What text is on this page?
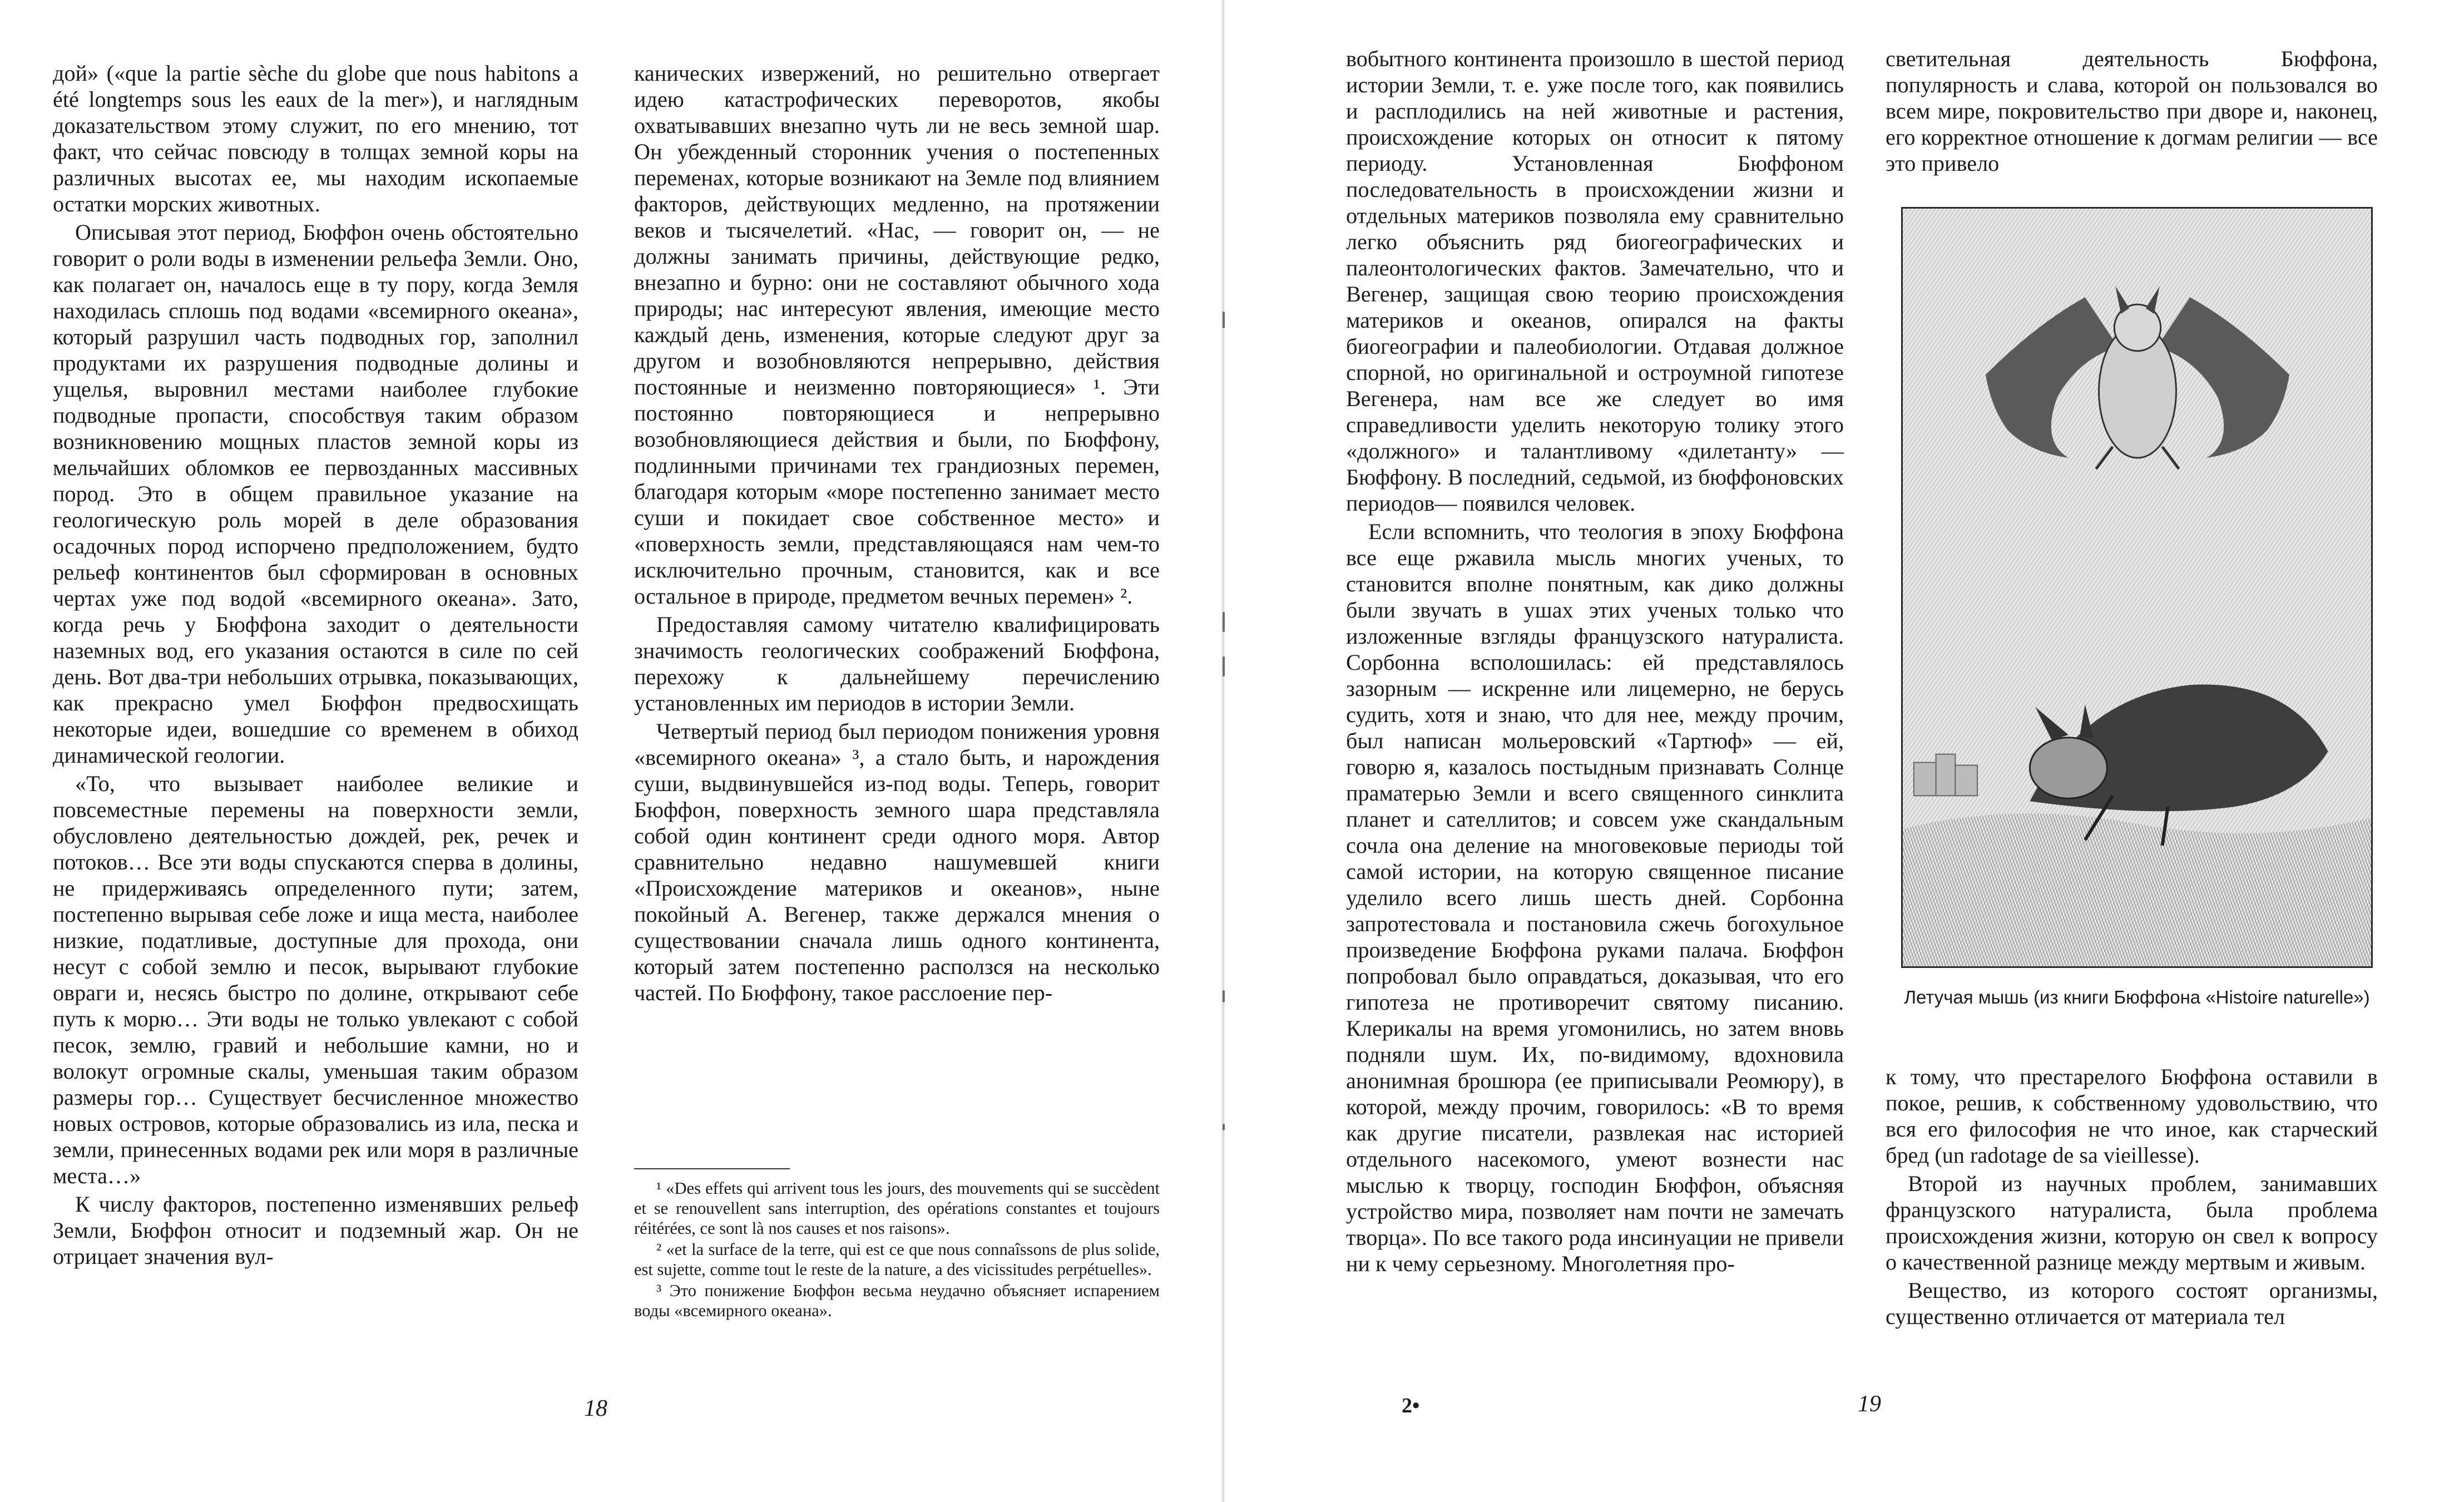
дой» («que la partie sèche du globe que nous habitons a été longtemps sous les eaux de la mer»), и наглядным доказательством этому служит, по его мнению, тот факт, что сейчас повсюду в толщах земной коры на различных высотах ее, мы находим ископаемые остатки морских животных.

Описывая этот период, Бюффон очень обстоятельно говорит о роли воды в изменении рельефа Земли. Оно, как полагает он, началось еще в ту пору, когда Земля находилась сплошь под водами «всемирного океана», который разрушил часть подводных гор, заполнил продуктами их разрушения подводные долины и ущелья, выровнил местами наиболее глубокие подводные пропасти, способствуя таким образом возникновению мощных пластов земной коры из мельчайших обломков ее первозданных массивных пород. Это в общем правильное указание на геологическую роль морей в деле образования осадочных пород испорчено предположением, будто рельеф континентов был сформирован в основных чертах уже под водой «всемирного океана». Зато, когда речь у Бюффона заходит о деятельности наземных вод, его указания остаются в силе по сей день. Вот два-три небольших отрывка, показывающих, как прекрасно умел Бюффон предвосхищать некоторые идеи, вошедшие со временем в обиход динамической геологии.

«То, что вызывает наиболее великие и повсеместные перемены на поверхности земли, обусловлено деятельностью дождей, рек, речек и потоков… Все эти воды спускаются сперва в долины, не придерживаясь определенного пути; затем, постепенно вырывая себе ложе и ища места, наиболее низкие, податливые, доступные для прохода, они несут с собой землю и песок, вырывают глубокие овраги и, несясь быстро по долине, открывают себе путь к морю… Эти воды не только увлекают с собой песок, землю, гравий и небольшие камни, но и волокут огромные скалы, уменьшая таким образом размеры гор… Существует бесчисленное множество новых островов, которые образовались из ила, песка и земли, принесенных водами рек или моря в различные места…»

К числу факторов, постепенно изменявших рельеф Земли, Бюффон относит и подземный жар. Он не отрицает значения вул-

канических извержений, но решительно отвергает идею катастрофических переворотов, якобы охватывавших внезапно чуть ли не весь земной шар. Он убежденный сторонник учения о постепенных переменах, которые возникают на Земле под влиянием факторов, действующих медленно, на протяжении веков и тысячелетий. «Нас, — говорит он, — не должны занимать причины, действующие редко, внезапно и бурно: они не составляют обычного хода природы; нас интересуют явления, имеющие место каждый день, изменения, которые следуют друг за другом и возобновляются непрерывно, действия постоянные и неизменно повторяющиеся» ¹. Эти постоянно повторяющиеся и непрерывно возобновляющиеся действия и были, по Бюффону, подлинными причинами тех грандиозных перемен, благодаря которым «море постепенно занимает место суши и покидает свое собственное место» и «поверхность земли, представляющаяся нам чем-то исключительно прочным, становится, как и все остальное в природе, предметом вечных перемен» ².

Предоставляя самому читателю квалифицировать значимость геологических соображений Бюффона, перехожу к дальнейшему перечислению установленных им периодов в истории Земли.

Четвертый период был периодом понижения уровня «всемирного океана» ³, а стало быть, и нарождения суши, выдвинувшейся из-под воды. Теперь, говорит Бюффон, поверхность земного шара представляла собой один континент среди одного моря. Автор сравнительно недавно нашумевшей книги «Происхождение материков и океанов», ныне покойный А. Вегенер, также держался мнения о существовании сначала лишь одного континента, который затем постепенно расползся на несколько частей. По Бюффону, такое расслоение пер-

¹ «Des effets qui arrivent tous les jours, des mouvements qui se succèdent et se renouvellent sans interruption, des opérations constantes et toujours réitérées, ce sont là nos causes et nos raisons».

² «et la surface de la terre, qui est ce que nous connaîssons de plus solide, est sujette, comme tout le reste de la nature, a des vicissitudes perpétuelles».

³ Это понижение Бюффон весьма неудачно объясняет испарением воды «всемирного океана».

18

вобытного континента произошло в шестой период истории Земли, т. е. уже после того, как появились и расплодились на ней животные и растения, происхождение которых он относит к пятому периоду. Установленная Бюффоном последовательность в происхождении жизни и отдельных материков позволяла ему сравнительно легко объяснить ряд биогеографических и палеонтологических фактов. Замечательно, что и Вегенер, защищая свою теорию происхождения материков и океанов, опирался на факты биогеографии и палеобиологии. Отдавая должное спорной, но оригинальной и остроумной гипотезе Вегенера, нам все же следует во имя справедливости уделить некоторую толику этого «должного» и талантливому «дилетанту» — Бюффону. В последний, седьмой, из бюффоновских периодов— появился человек.

Если вспомнить, что теология в эпоху Бюффона все еще ржавила мысль многих ученых, то становится вполне понятным, как дико должны были звучать в ушах этих ученых только что изложенные взгляды французского натуралиста. Сорбонна всполошилась: ей представлялось зазорным — искренне или лицемерно, не берусь судить, хотя и знаю, что для нее, между прочим, был написан мольеровский «Тартюф» — ей, говорю я, казалось постыдным признавать Солнце праматерью Земли и всего священного синклита планет и сателлитов; и совсем уже скандальным сочла она деление на многовековые периоды той самой истории, на которую священное писание уделило всего лишь шесть дней. Сорбонна запротестовала и постановила сжечь богохульное произведение Бюффона руками палача. Бюффон попробовал было оправдаться, доказывая, что его гипотеза не противоречит святому писанию. Клерикалы на время угомонились, но затем вновь подняли шум. Их, по-видимому, вдохновила анонимная брошюра (ее приписывали Реомюру), в которой, между прочим, говорилось: «В то время как другие писатели, развлекая нас историей отдельного насекомого, умеют вознести нас мыслью к творцу, господин Бюффон, объясняя устройство мира, позволяет нам почти не замечать творца». По все такого рода инсинуации не привели ни к чему серьезному. Многолетняя про-

светительная деятельность Бюффона, популярность и слава, которой он пользовался во всем мире, покровительство при дворе и, наконец, его корректное отношение к догмам религии — все это привело

Летучая мышь (из книги Бюффона «Histoire naturelle»)

к тому, что престарелого Бюффона оставили в покое, решив, к собственному удовольствию, что вся его философия не что иное, как старческий бред (un radotage de sa vieillesse).

Второй из научных проблем, занимавших французского натуралиста, была проблема происхождения жизни, которую он свел к вопросу о качественной разнице между мертвым и живым.

Вещество, из которого состоят организмы, существенно отличается от материала тел

2•	19
